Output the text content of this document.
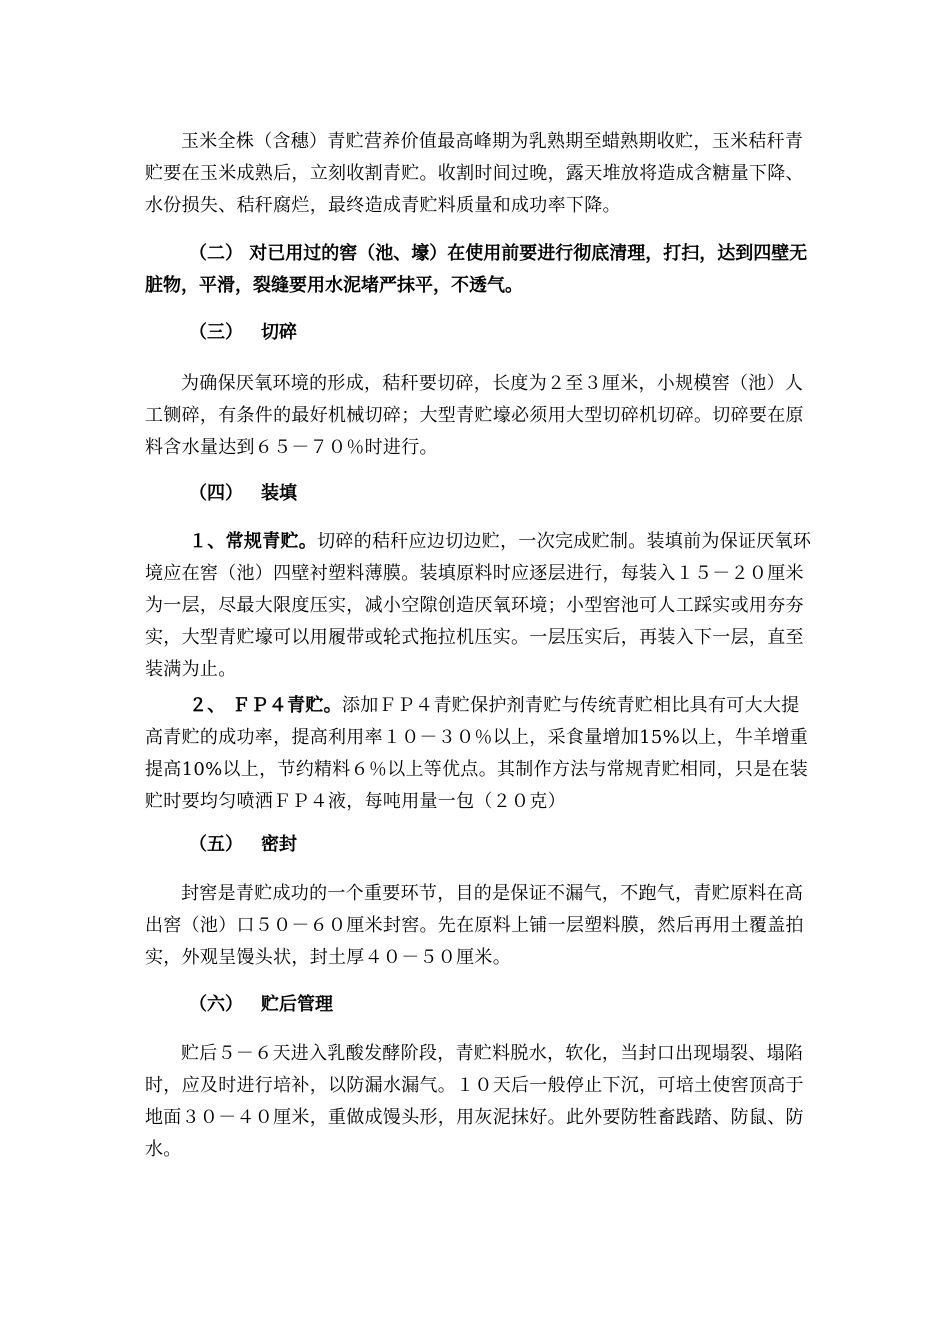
玉米全株（含穗）青贮营养价值最高峰期为乳熟期至蜡熟期收贮，玉米秸秆青贮要在玉米成熟后，立刻收割青贮。收割时间过晚，露天堆放将造成含糖量下降、水份损失、秸秆腐烂，最终造成青贮料质量和成功率下降。

（二） 对已用过的窖（池、壕）在使用前要进行彻底清理，打扫，达到四壁无脏物，平滑，裂缝要用水泥堵严抹平，不透气。

（三） 切碎

为确保厌氧环境的形成，秸秆要切碎，长度为２至３厘米，小规模窖（池）人工铡碎，有条件的最好机械切碎；大型青贮壕必须用大型切碎机切碎。切碎要在原料含水量达到６５－７０％时进行。

（四） 装填

１、常规青贮。切碎的秸秆应边切边贮，一次完成贮制。装填前为保证厌氧环境应在窖（池）四壁衬塑料薄膜。装填原料时应逐层进行，每装入１５－２０厘米为一层，尽最大限度压实，减小空隙创造厌氧环境；小型窖池可人工踩实或用夯夯实，大型青贮壕可以用履带或轮式拖拉机压实。一层压实后，再装入下一层，直至装满为止。

２、 ＦＰ４青贮。添加ＦＰ４青贮保护剂青贮与传统青贮相比具有可大大提高青贮的成功率，提高利用率１０－３０％以上，采食量增加15%以上，牛羊增重提高10%以上，节约精料６％以上等优点。其制作方法与常规青贮相同，只是在装贮时要均匀喷洒ＦＰ４液，每吨用量一包（２０克）

（五） 密封

封窖是青贮成功的一个重要环节，目的是保证不漏气，不跑气，青贮原料在高出窖（池）口５０－６０厘米封窖。先在原料上铺一层塑料膜，然后再用土覆盖拍实，外观呈馒头状，封土厚４０－５０厘米。

（六） 贮后管理

贮后５－６天进入乳酸发酵阶段，青贮料脱水，软化，当封口出现塌裂、塌陷时，应及时进行培补，以防漏水漏气。１０天后一般停止下沉，可培土使窖顶高于地面３０－４０厘米，重做成馒头形，用灰泥抹好。此外要防牲畜践踏、防鼠、防水。
